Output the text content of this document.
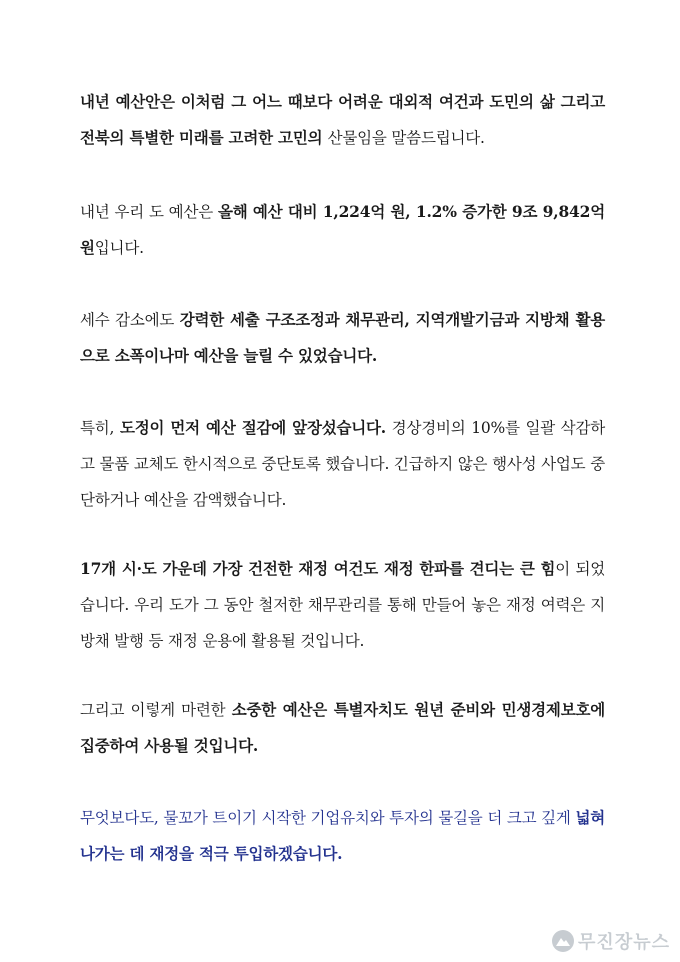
내년 예산안은 이처럼 그 어느 때보다 어려운 대외적 여건과 도민의 삶 그리고 전북의 특별한 미래를 고려한 고민의 산물임을 말씀드립니다.

내년 우리 도 예산은 올해 예산 대비 1,224억 원, 1.2% 증가한 9조 9,842억 원입니다.

세수 감소에도 강력한 세출 구조조정과 채무관리, 지역개발기금과 지방채 활용으로 소폭이나마 예산을 늘릴 수 있었습니다.

특히, 도정이 먼저 예산 절감에 앞장섰습니다. 경상경비의 10%를 일괄 삭감하고 물품 교체도 한시적으로 중단토록 했습니다. 긴급하지 않은 행사성 사업도 중단하거나 예산을 감액했습니다.

17개 시·도 가운데 가장 건전한 재정 여건도 재정 한파를 견디는 큰 힘이 되었습니다. 우리 도가 그 동안 철저한 채무관리를 통해 만들어 놓은 재정 여력은 지방채 발행 등 재정 운용에 활용될 것입니다.

그리고 이렇게 마련한 소중한 예산은 특별자치도 원년 준비와 민생경제보호에 집중하여 사용될 것입니다.

무엇보다도, 물꼬가 트이기 시작한 기업유치와 투자의 물길을 더 크고 깊게 넓혀나가는 데 재정을 적극 투입하겠습니다.

무진장뉴스
